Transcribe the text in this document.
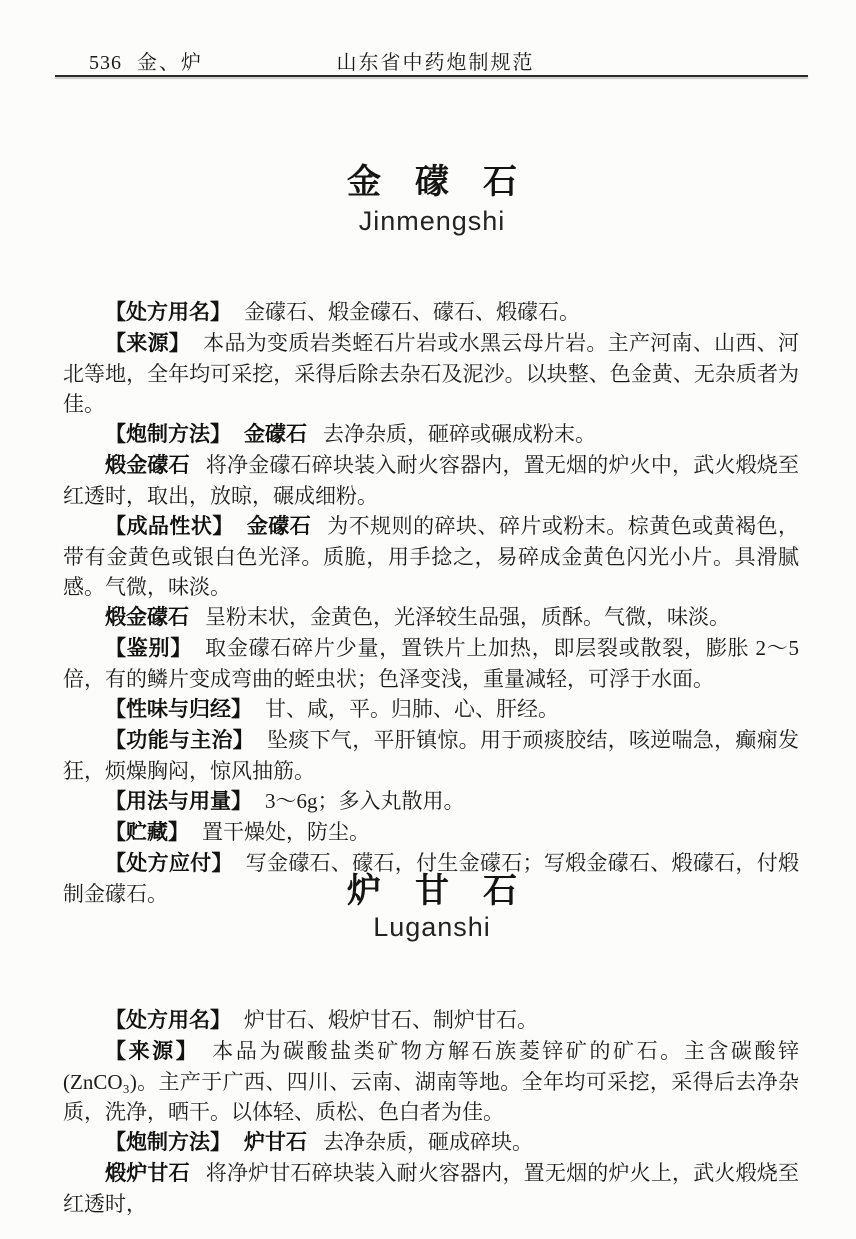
536 金、炉	山东省中药炮制规范
金　礞　石
Jinmengshi

【处方用名】 金礞石、煅金礞石、礞石、煅礞石。

【来源】 本品为变质岩类蛭石片岩或水黑云母片岩。主产河南、山西、河北等地，全年均可采挖，采得后除去杂石及泥沙。以块整、色金黄、无杂质者为佳。

【炮制方法】 金礞石 去净杂质，砸碎或碾成粉末。

煅金礞石 将净金礞石碎块装入耐火容器内，置无烟的炉火中，武火煅烧至红透时，取出，放晾，碾成细粉。

【成品性状】 金礞石 为不规则的碎块、碎片或粉末。棕黄色或黄褐色，带有金黄色或银白色光泽。质脆，用手捻之，易碎成金黄色闪光小片。具滑腻感。气微，味淡。

煅金礞石 呈粉末状，金黄色，光泽较生品强，质酥。气微，味淡。

【鉴别】 取金礞石碎片少量，置铁片上加热，即层裂或散裂，膨胀 2～5 倍，有的鳞片变成弯曲的蛭虫状；色泽变浅，重量减轻，可浮于水面。

【性味与归经】 甘、咸，平。归肺、心、肝经。

【功能与主治】 坠痰下气，平肝镇惊。用于顽痰胶结，咳逆喘急，癫痫发狂，烦燥胸闷，惊风抽筋。

【用法与用量】 3～6g；多入丸散用。

【贮藏】 置干燥处，防尘。

【处方应付】 写金礞石、礞石，付生金礞石；写煅金礞石、煅礞石，付煅制金礞石。	炉　甘　石
Luganshi

【处方用名】 炉甘石、煅炉甘石、制炉甘石。

【来源】 本品为碳酸盐类矿物方解石族菱锌矿的矿石。主含碳酸锌(ZnCO₃)。主产于广西、四川、云南、湖南等地。全年均可采挖，采得后去净杂质，洗净，晒干。以体轻、质松、色白者为佳。

【炮制方法】 炉甘石 去净杂质，砸成碎块。

煅炉甘石 将净炉甘石碎块装入耐火容器内，置无烟的炉火上，武火煅烧至红透时，
